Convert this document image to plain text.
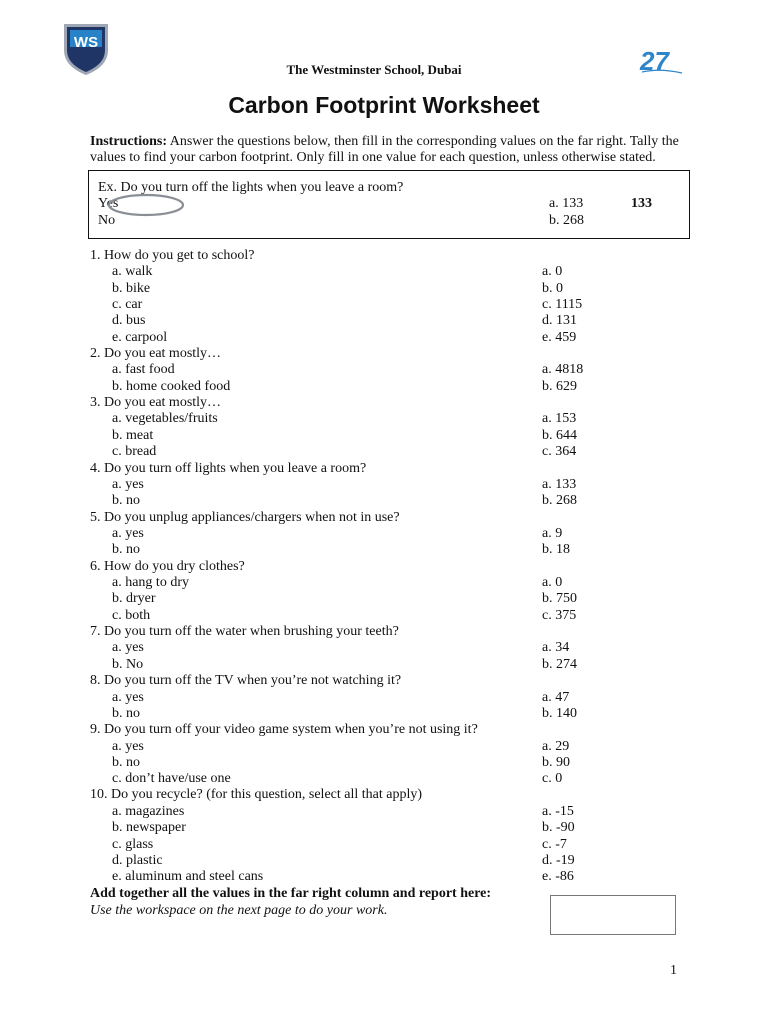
WS
27
The Westminster School, Dubai
Carbon Footprint Worksheet
Instructions: Answer the questions below, then fill in the corresponding values on the far right. Tally the values to find your carbon footprint. Only fill in one value for each question, unless otherwise stated.
Ex. Do you turn off the lights when you leave a room?
Yes	a. 133	133
No	b. 268
1. How do you get to school?
a. walk	a. 0
b. bike	b. 0
c. car	c. 1115
d. bus	d. 131
e. carpool	e. 459
2. Do you eat mostly…
a. fast food	a. 4818
b. home cooked food	b. 629
3. Do you eat mostly…
a. vegetables/fruits	a. 153
b. meat	b. 644
c. bread	c. 364
4. Do you turn off lights when you leave a room?
a. yes	a. 133
b. no	b. 268
5. Do you unplug appliances/chargers when not in use?
a. yes	a. 9
b. no	b. 18
6. How do you dry clothes?
a. hang to dry	a. 0
b. dryer	b. 750
c. both	c. 375
7. Do you turn off the water when brushing your teeth?
a. yes	a. 34
b. No	b. 274
8. Do you turn off the TV when you’re not watching it?
a. yes	a. 47
b. no	b. 140
9. Do you turn off your video game system when you’re not using it?
a. yes	a. 29
b. no	b. 90
c. don’t have/use one	c. 0
10. Do you recycle? (for this question, select all that apply)
a. magazines	a. -15
b. newspaper	b. -90
c. glass	c. -7
d. plastic	d. -19
e. aluminum and steel cans	e. -86
Add together all the values in the far right column and report here:
Use the workspace on the next page to do your work.
1
